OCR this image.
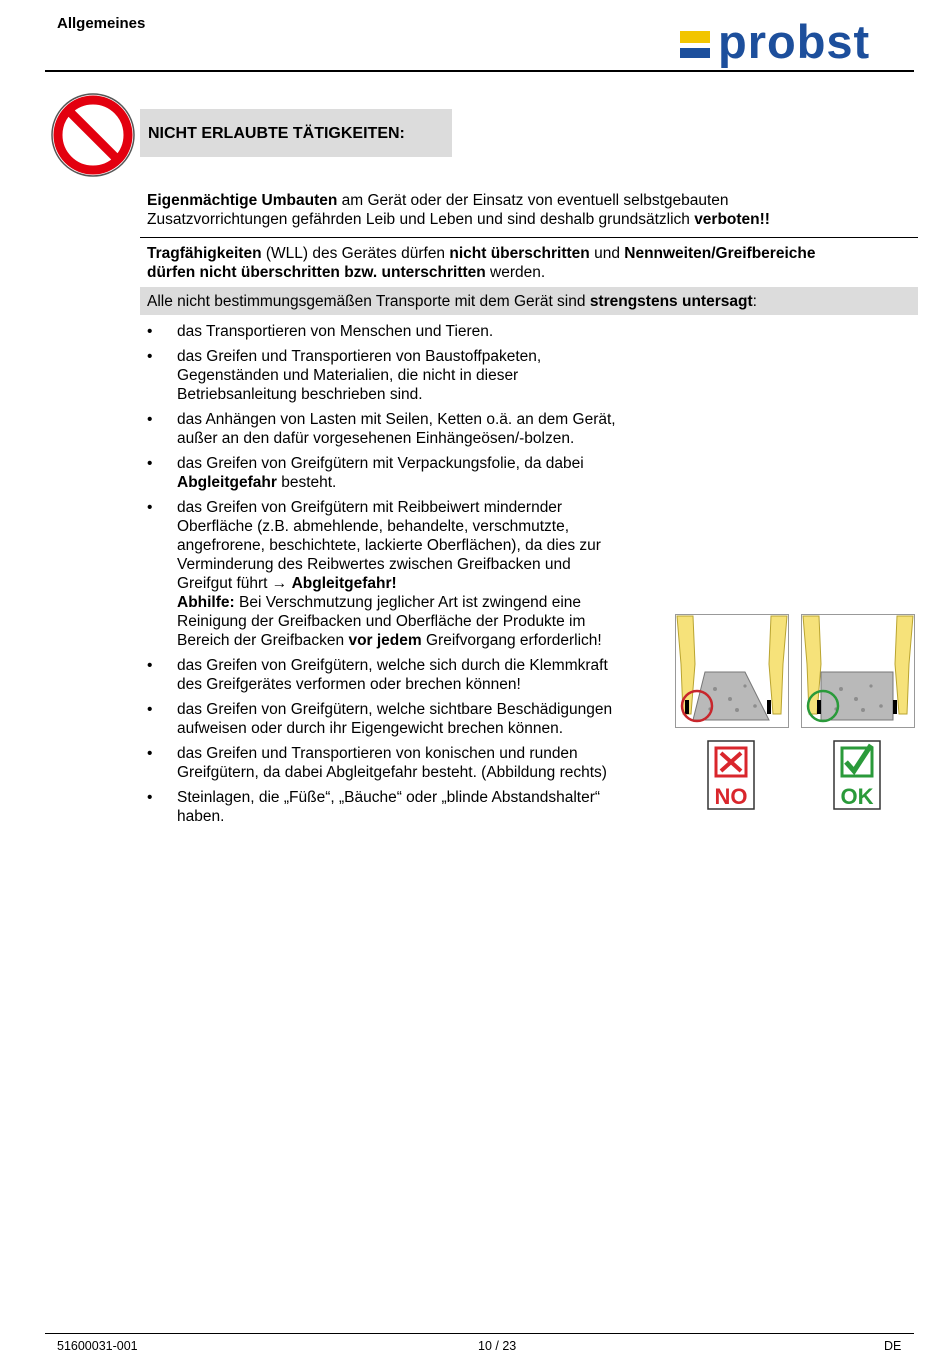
Allgemeines	probst
NICHT ERLAUBTE TÄTIGKEITEN:
Eigenmächtige Umbauten am Gerät oder der Einsatz von eventuell selbstgebauten
Zusatzvorrichtungen gefährden Leib und Leben und sind deshalb grundsätzlich verboten!!
Tragfähigkeiten (WLL) des Gerätes dürfen nicht überschritten und Nennweiten/Greifbereiche
dürfen nicht überschritten bzw. unterschritten werden.
Alle nicht bestimmungsgemäßen Transporte mit dem Gerät sind strengstens untersagt:
• das Transportieren von Menschen und Tieren.
• das Greifen und Transportieren von Baustoffpaketen,
Gegenständen und Materialien, die nicht in dieser
Betriebsanleitung beschrieben sind.
• das Anhängen von Lasten mit Seilen, Ketten o.ä. an dem Gerät,
außer an den dafür vorgesehenen Einhängeösen/-bolzen.
• das Greifen von Greifgütern mit Verpackungsfolie, da dabei
Abgleitgefahr besteht.
• das Greifen von Greifgütern mit Reibbeiwert mindernder
Oberfläche (z.B. abmehlende, behandelte, verschmutzte,
angefrorene, beschichtete, lackierte Oberflächen), da dies zur
Verminderung des Reibwertes zwischen Greifbacken und
Greifgut führt → Abgleitgefahr!
Abhilfe: Bei Verschmutzung jeglicher Art ist zwingend eine
Reinigung der Greifbacken und Oberfläche der Produkte im
Bereich der Greifbacken vor jedem Greifvorgang erforderlich!
• das Greifen von Greifgütern, welche sich durch die Klemmkraft
des Greifgerätes verformen oder brechen können!
• das Greifen von Greifgütern, welche sichtbare Beschädigungen
aufweisen oder durch ihr Eigengewicht brechen können.
• das Greifen und Transportieren von konischen und runden
Greifgütern, da dabei Abgleitgefahr besteht. (Abbildung rechts)
• Steinlagen, die „Füße“, „Bäuche“ oder „blinde Abstandshalter“
haben.
NO	OK
51600031-001	10 / 23	DE
